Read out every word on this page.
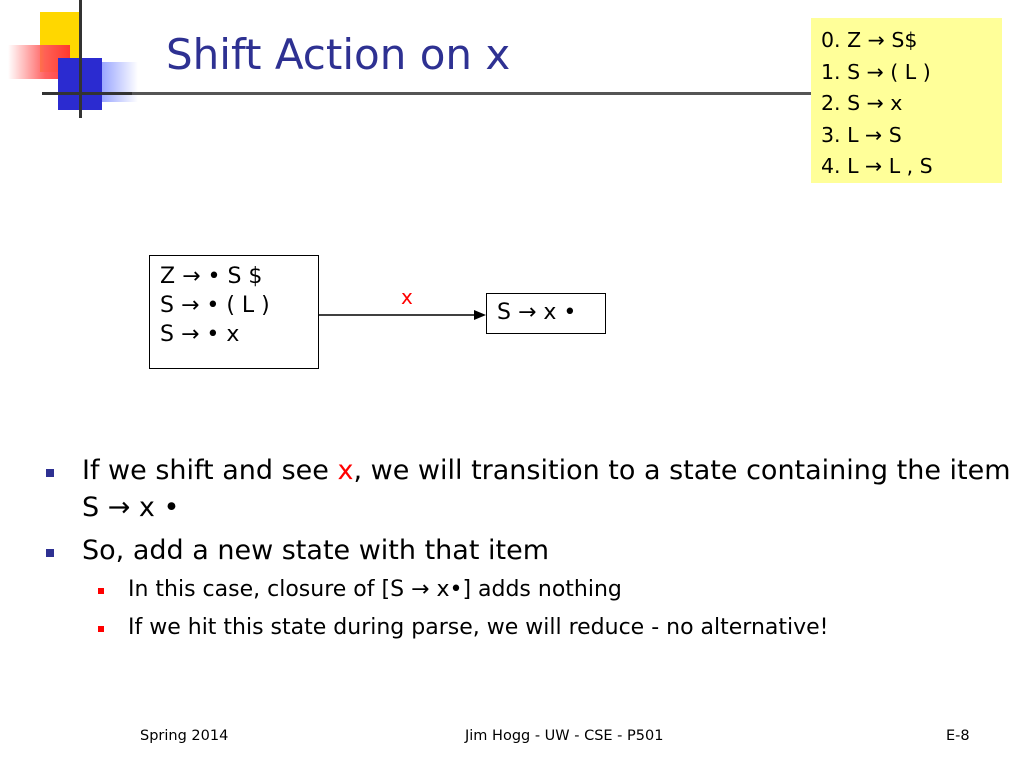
Shift Action on x	0. Z → S$
1. S → ( L )
2. S → x
3. L → S
4. L → L , S
Z → • S $
S → • ( L )
S → • x
x
S → x •
If we shift and see x, we will transition to a state containing the item S → x •
So, add a new state with that item
In this case, closure of [S → x•] adds nothing
If we hit this state during parse, we will reduce - no alternative!
Spring 2014	Jim Hogg - UW - CSE - P501	E-8
